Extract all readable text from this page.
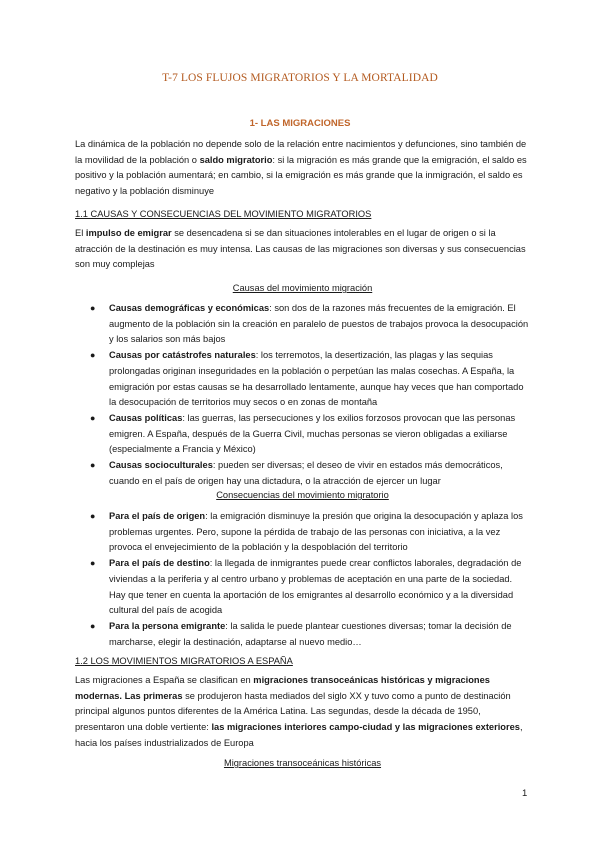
T-7 LOS FLUJOS MIGRATORIOS Y LA MORTALIDAD
1- LAS MIGRACIONES

La dinámica de la población no depende solo de la relación entre nacimientos y defunciones, sino también de la movilidad de la población o saldo migratorio: si la migración es más grande que la emigración, el saldo es positivo y la población aumentará; en cambio, si la emigración es más grande que la inmigración, el saldo es negativo y la población disminuye

1.1 CAUSAS Y CONSECUENCIAS DEL MOVIMIENTO MIGRATORIOS

El impulso de emigrar se desencadena si se dan situaciones intolerables en el lugar de origen o si la atracción de la destinación es muy intensa. Las causas de las migraciones son diversas y sus consecuencias son muy complejas

Causas del movimiento migración

● Causas demográficas y económicas: son dos de la razones más frecuentes de la emigración. El augmento de la población sin la creación en paralelo de puestos de trabajos provoca la desocupación y los salarios son más bajos
● Causas por catástrofes naturales: los terremotos, la desertización, las plagas y las sequias prolongadas originan inseguridades en la población o perpetúan las malas cosechas. A España, la emigración por estas causas se ha desarrollado lentamente, aunque hay veces que han comportado la desocupación de territorios muy secos o en zonas de montaña
● Causas políticas: las guerras, las persecuciones y los exilios forzosos provocan que las personas emigren. A España, después de la Guerra Civil, muchas personas se vieron obligadas a exiliarse (especialmente a Francia y México)
● Causas socioculturales: pueden ser diversas; el deseo de vivir en estados más democráticos, cuando en el país de origen hay una dictadura, o la atracción de ejercer un lugar

Consecuencias del movimiento migratorio

● Para el país de origen: la emigración disminuye la presión que origina la desocupación y aplaza los problemas urgentes. Pero, supone la pérdida de trabajo de las personas con iniciativa, a la vez provoca el envejecimiento de la población y la despoblación del territorio
● Para el país de destino: la llegada de inmigrantes puede crear conflictos laborales, degradación de viviendas a la periferia y al centro urbano y problemas de aceptación en una parte de la sociedad. Hay que tener en cuenta la aportación de los emigrantes al desarrollo económico y a la diversidad cultural del país de acogida
● Para la persona emigrante: la salida le puede plantear cuestiones diversas; tomar la decisión de marcharse, elegir la destinación, adaptarse al nuevo medio…

1.2 LOS MOVIMIENTOS MIGRATORIOS A ESPAÑA

Las migraciones a España se clasifican en migraciones transoceánicas históricas y migraciones modernas. Las primeras se produjeron hasta mediados del siglo XX y tuvo como a punto de destinación principal algunos puntos diferentes de la América Latina. Las segundas, desde la década de 1950, presentaron una doble vertiente: las migraciones interiores campo-ciudad y las migraciones exteriores, hacia los países industrializados de Europa

Migraciones transoceánicas históricas

1
